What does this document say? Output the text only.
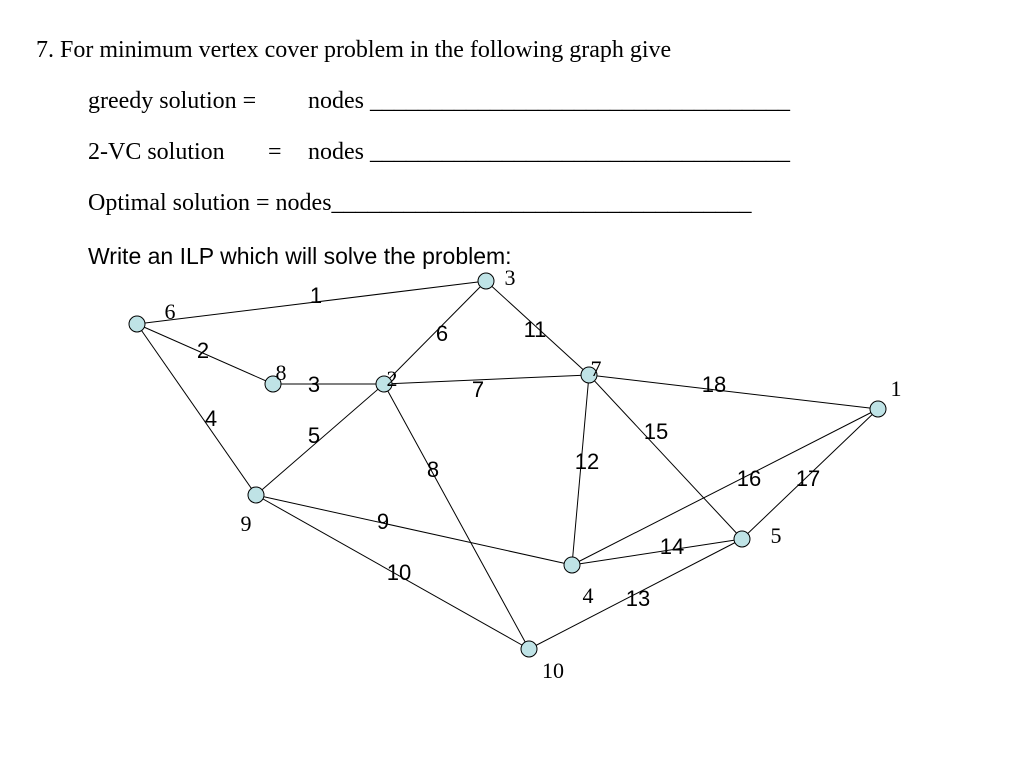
7. For minimum vertex cover problem in the following graph give
greedy solution = nodes ___________________________________
2-VC solution = nodes ___________________________________
Optimal solution = nodes___________________________________
Write an ILP which will solve the problem:
1
2
3
4
5
6
7
8
9
10
11
12
13
14
15
16 17
18
6
3
8	2	7
1
9
4
5
10
